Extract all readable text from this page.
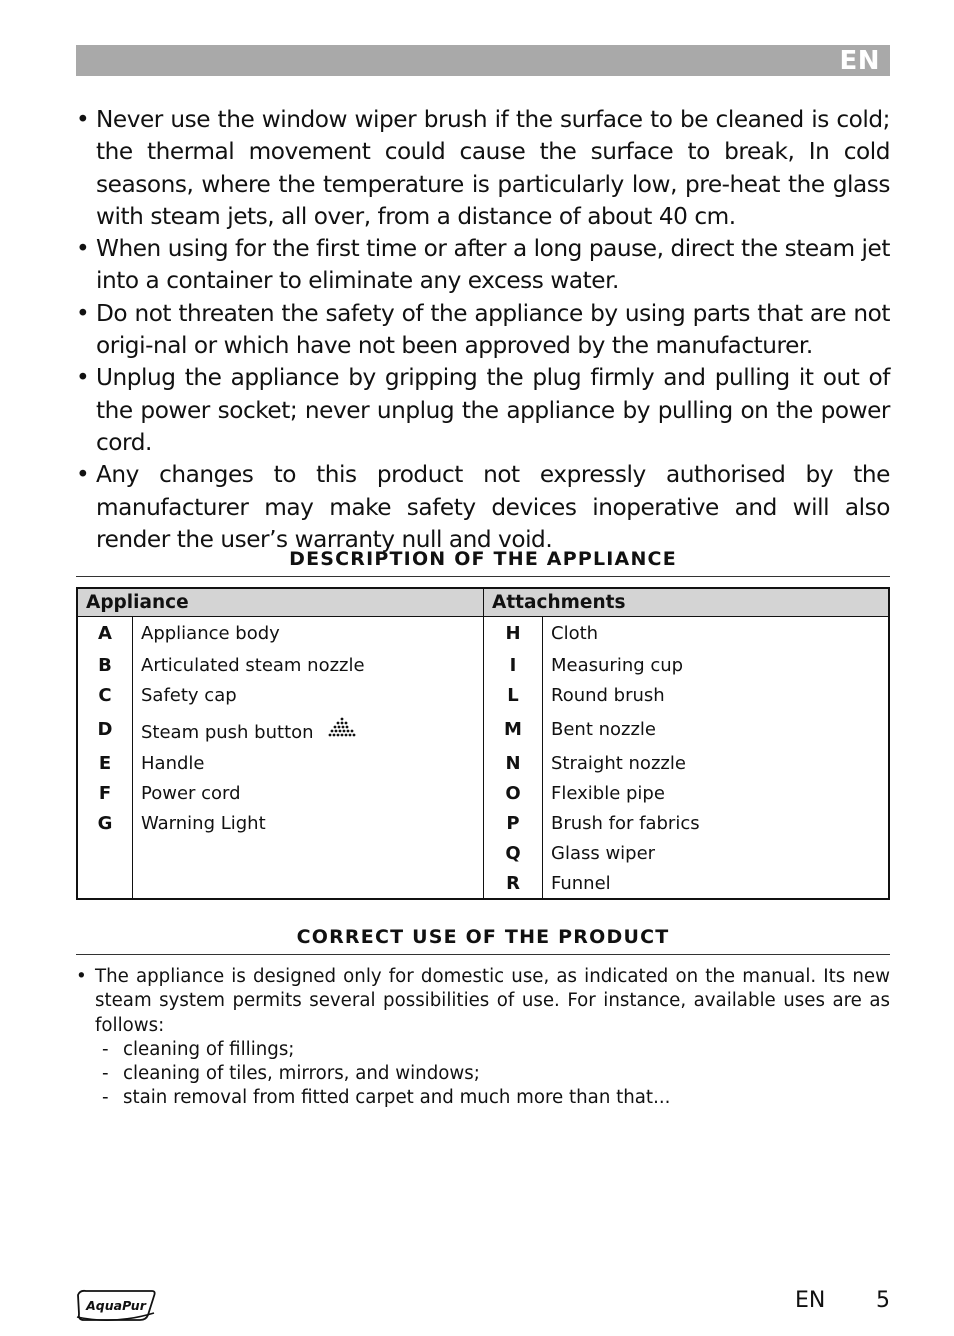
EN
• Never use the window wiper brush if the surface to be cleaned is cold; the thermal movement could cause the surface to break, In cold seasons, where the temperature is particularly low, pre-heat the glass with steam jets, all over, from a distance of about 40 cm.
• When using for the first time or after a long pause, direct the steam jet into a container to eliminate any excess water.
• Do not threaten the safety of the appliance by using parts that are not origi-nal or which have not been approved by the manufacturer.
• Unplug the appliance by gripping the plug firmly and pulling it out of the power socket; never unplug the appliance by pulling on the power cord.
• Any changes to this product not expressly authorised by the manufacturer may make safety devices inoperative and will also render the user’s warranty null and void.
DESCRIPTION OF THE APPLIANCE
Appliance		Attachments	
A	Appliance body	H	Cloth
B	Articulated steam nozzle	I	Measuring cup
C	Safety cap	L	Round brush
D	Steam push button	M	Bent nozzle
E	Handle	N	Straight nozzle
F	Power cord	O	Flexible pipe
G	Warning Light	P	Brush for fabrics
		Q	Glass wiper
		R	Funnel
CORRECT USE OF THE PRODUCT
• The appliance is designed only for domestic use, as indicated on the manual. Its new steam system permits several possibilities of use. For instance, available uses are as follows:
- cleaning of fillings;
- cleaning of tiles, mirrors, and windows;
- stain removal from fitted carpet and much more than that...
AquaPur	EN 5
